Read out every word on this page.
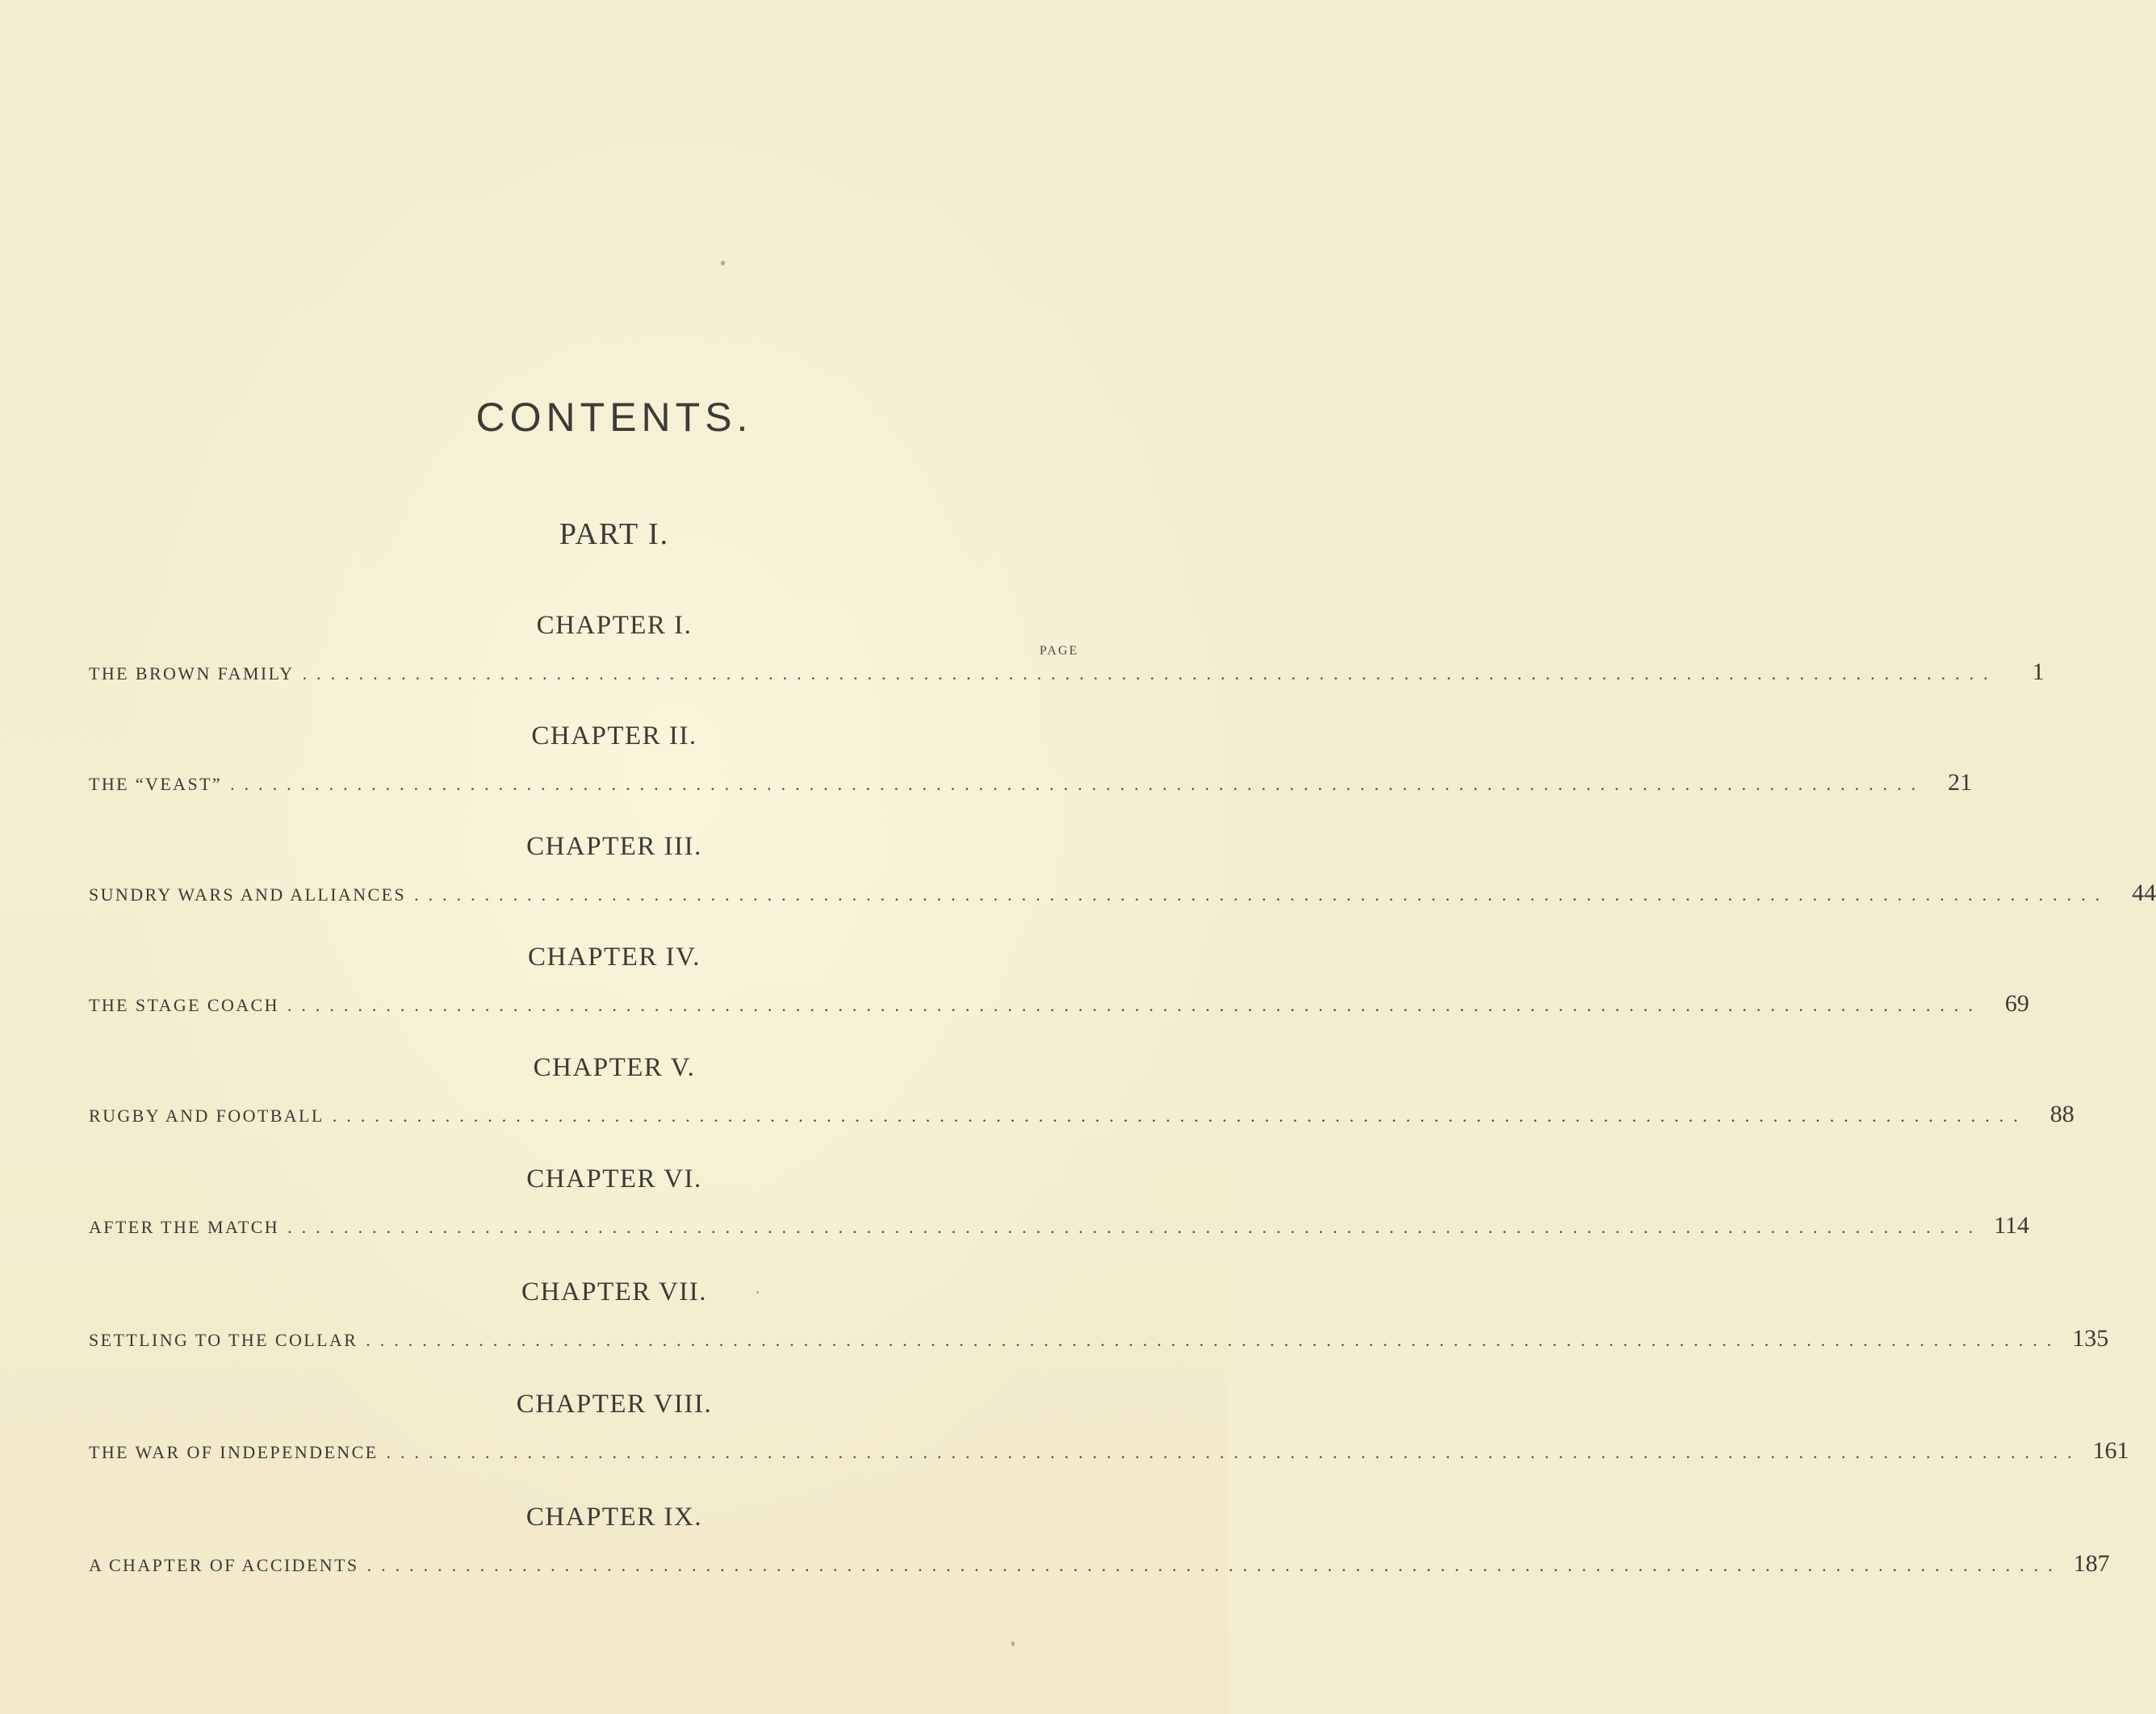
CONTENTS.
PART I.
PAGE
CHAPTER I.
THE BROWN FAMILY ........................................................................................................................	1
CHAPTER II.
THE “VEAST” ........................................................................................................................ 21
CHAPTER III.
SUNDRY WARS AND ALLIANCES ........................................................................................................................ 44
CHAPTER IV.
THE STAGE COACH ........................................................................................................................ 69
CHAPTER V.
RUGBY AND FOOTBALL ........................................................................................................................ 88
CHAPTER VI.
AFTER THE MATCH ........................................................................................................................ 114
CHAPTER VII.
SETTLING TO THE COLLAR ........................................................................................................................ 135
CHAPTER VIII.
THE WAR OF INDEPENDENCE ........................................................................................................................ 161
CHAPTER IX.
A CHAPTER OF ACCIDENTS ........................................................................................................................ 187
